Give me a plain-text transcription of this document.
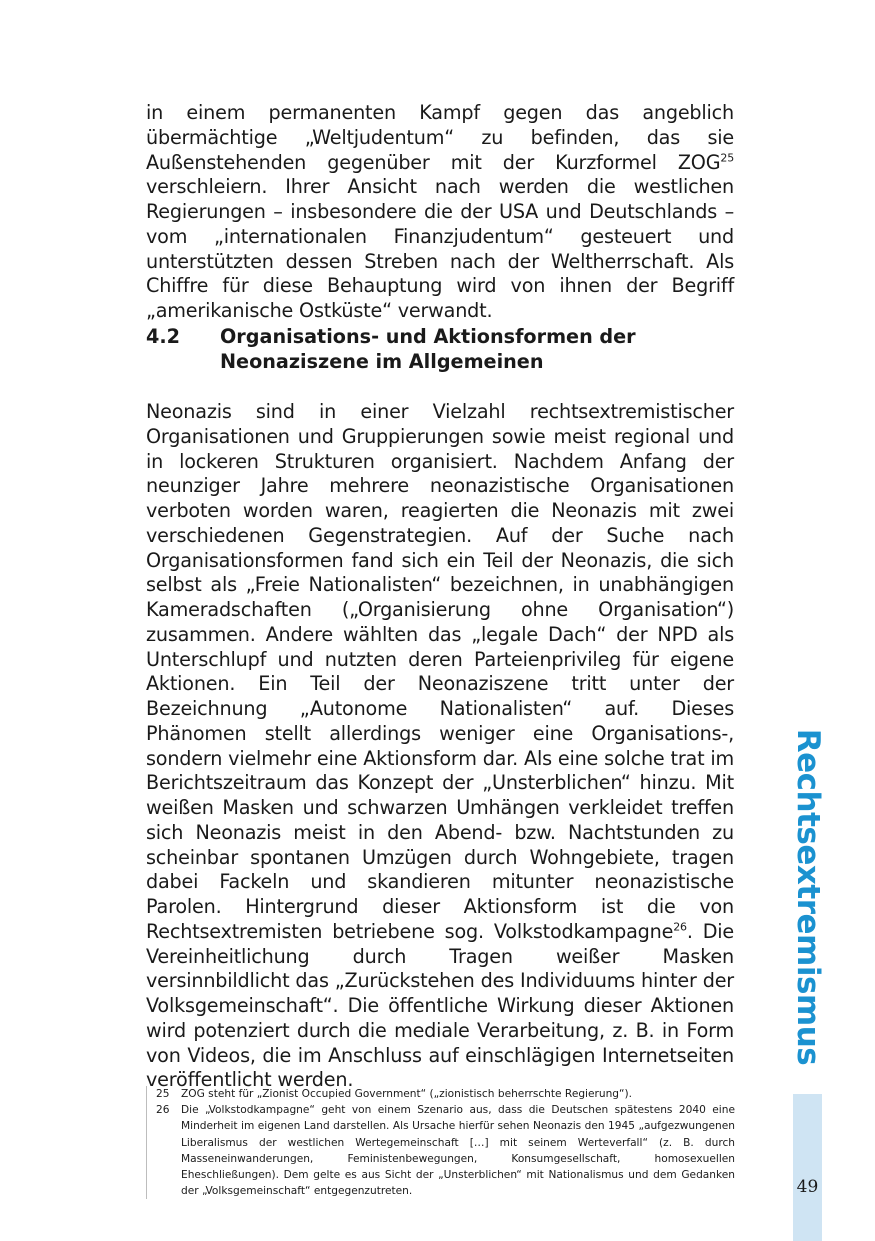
in einem permanenten Kampf gegen das angeblich übermächtige „Weltjudentum“ zu befinden, das sie Außenstehenden gegenüber mit der Kurzformel ZOG$^{25}$ verschleiern. Ihrer Ansicht nach werden die westlichen Regierungen – insbesondere die der USA und Deutschlands – vom „internationalen Finanzjudentum“ gesteuert und unterstützten dessen Streben nach der Weltherrschaft. Als Chiffre für diese Behauptung wird von ihnen der Begriff „amerikanische Ostküste“ verwandt.

4.2 Organisations- und Aktionsformen der Neonaziszene im Allgemeinen

Neonazis sind in einer Vielzahl rechtsextremistischer Organisationen und Gruppierungen sowie meist regional und in lockeren Strukturen organisiert. Nachdem Anfang der neunziger Jahre mehrere neonazistische Organisationen verboten worden waren, reagierten die Neonazis mit zwei verschiedenen Gegenstrategien. Auf der Suche nach Organisationsformen fand sich ein Teil der Neonazis, die sich selbst als „Freie Nationalisten“ bezeichnen, in unabhängigen Kameradschaften („Organisierung ohne Organisation“) zusammen. Andere wählten das „legale Dach“ der NPD als Unterschlupf und nutzten deren Parteienprivileg für eigene Aktionen. Ein Teil der Neonaziszene tritt unter der Bezeichnung „Autonome Nationalisten“ auf. Dieses Phänomen stellt allerdings weniger eine Organisations-, sondern vielmehr eine Aktionsform dar. Als eine solche trat im Berichtszeitraum das Konzept der „Unsterblichen“ hinzu. Mit weißen Masken und schwarzen Umhängen verkleidet treffen sich Neonazis meist in den Abend- bzw. Nachtstunden zu scheinbar spontanen Umzügen durch Wohngebiete, tragen dabei Fackeln und skandieren mitunter neonazistische Parolen. Hintergrund dieser Aktionsform ist die von Rechtsextremisten betriebene sog. Volkstodkampagne$^{26}$. Die Vereinheitlichung durch Tragen weißer Masken versinnbildlicht das „Zurückstehen des Individuums hinter der Volksgemeinschaft“. Die öffentliche Wirkung dieser Aktionen wird potenziert durch die mediale Verarbeitung, z. B. in Form von Videos, die im Anschluss auf einschlägigen Internetseiten veröffentlicht werden.

25 ZOG steht für „Zionist Occupied Government“ („zionistisch beherrschte Regierung“).
26 Die „Volkstodkampagne“ geht von einem Szenario aus, dass die Deutschen spätestens 2040 eine Minderheit im eigenen Land darstellen. Als Ursache hierfür sehen Neonazis den 1945 „aufgezwungenen Liberalismus der westlichen Wertegemeinschaft […] mit seinem Werteverfall“ (z. B. durch Masseneinwanderungen, Feministenbewegungen, Konsumgesellschaft, homosexuellen Eheschließungen). Dem gelte es aus Sicht der „Unsterblichen“ mit Nationalismus und dem Gedanken der „Volksgemeinschaft“ entgegenzutreten.
Rechtsextremismus
49
